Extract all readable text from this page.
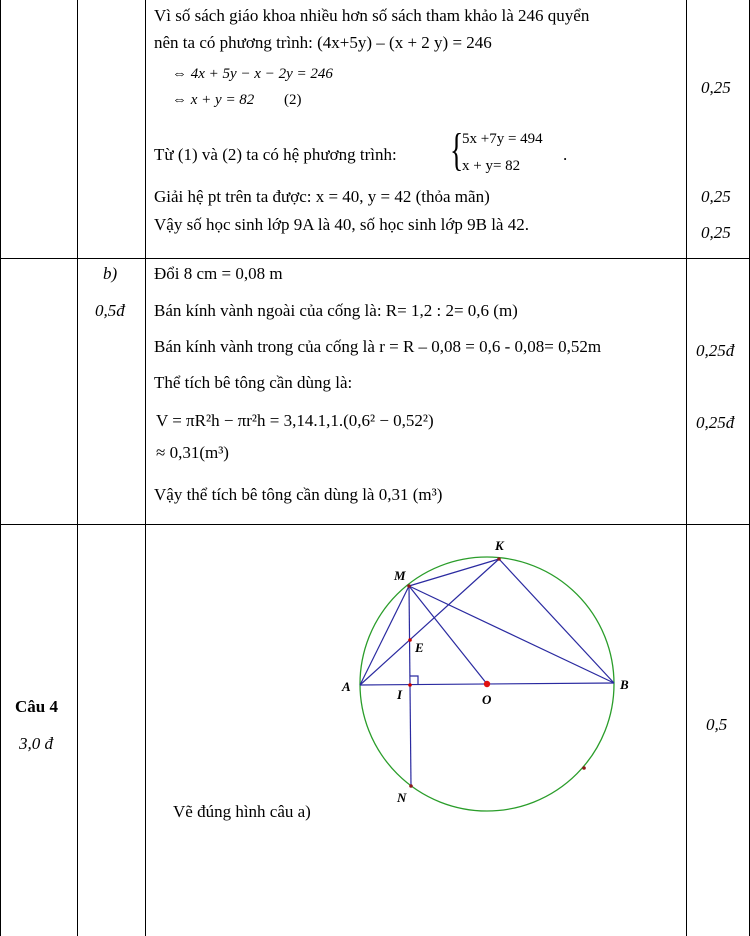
Vì số sách giáo khoa nhiều hơn số sách tham khảo là 246 quyển
nên ta có phương trình: (4x+5y) – (x + 2 y) = 246
⇔ 4x + 5y − x − 2y = 246
⇔ x + y = 82 (2)
Từ (1) và (2) ta có hệ phương trình: {
5x +7y = 494
x + y= 82
.
Giải hệ pt trên ta được: x = 40, y = 42 (thỏa mãn)
Vậy số học sinh lớp 9A là 40, số học sinh lớp 9B là 42.
0,25
0,25
0,25
b)
0,5đ
Đổi 8 cm = 0,08 m
Bán kính vành ngoài của cống là: R= 1,2 : 2= 0,6 (m)
Bán kính vành trong của cống là r = R – 0,08 = 0,6 - 0,08= 0,52m
Thể tích bê tông cần dùng là:
V = πR²h − πr²h = 3,14.1,1.(0,6² − 0,52²)
≈ 0,31(m³)
Vậy thể tích bê tông cần dùng là 0,31 (m³)
0,25đ
0,25đ
Câu 4
3,0 đ
Vẽ đúng hình câu a)
0,5
K
M
E
A
I	O
B
N
